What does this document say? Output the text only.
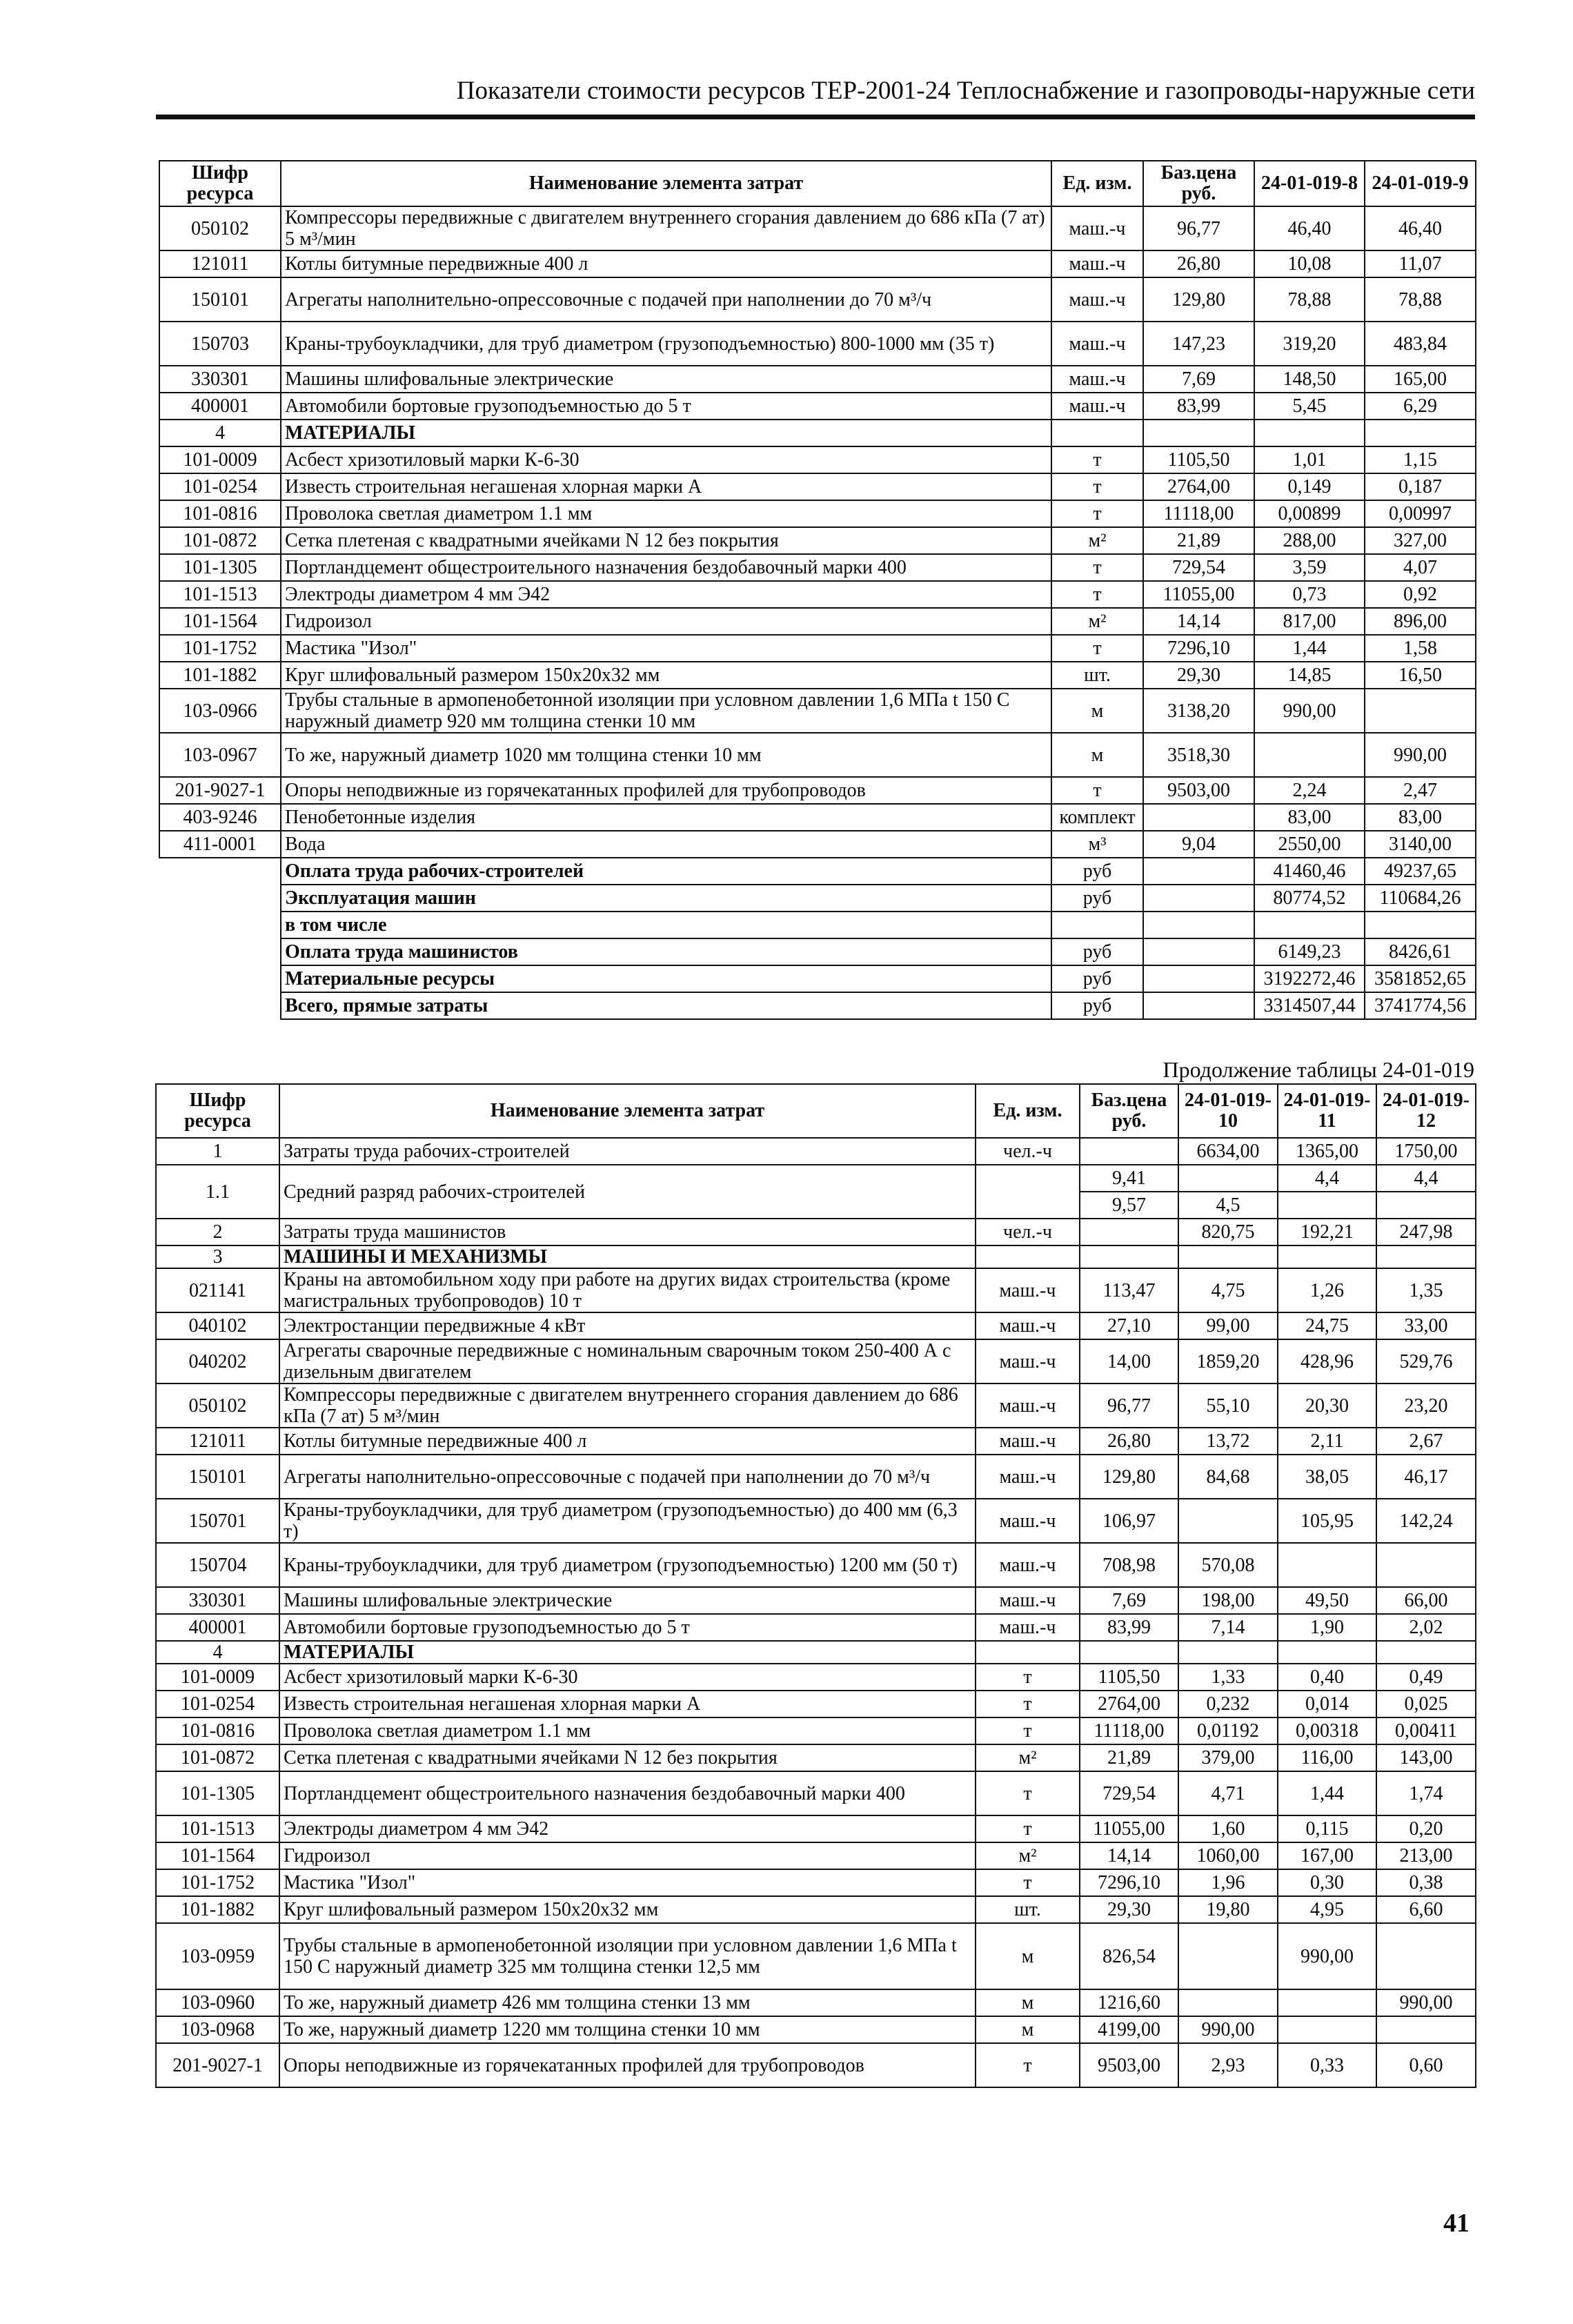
Показатели стоимости ресурсов ТЕР-2001-24 Теплоснабжение и газопроводы-наружные сети
Шифр ресурса	Наименование элемента затрат	Ед. изм.	Баз.цена руб.	24-01-019-8	24-01-019-9
050102	Компрессоры передвижные с двигателем внутреннего сгорания давлением до 686 кПа (7 ат) 5 м³/мин	маш.-ч	96,77	46,40	46,40
121011	Котлы битумные передвижные 400 л	маш.-ч	26,80	10,08	11,07
150101	Агрегаты наполнительно-опрессовочные с подачей при наполнении до 70 м³/ч	маш.-ч	129,80	78,88	78,88
150703	Краны-трубоукладчики, для труб диаметром (грузоподъемностью) 800-1000 мм (35 т)	маш.-ч	147,23	319,20	483,84
330301	Машины шлифовальные электрические	маш.-ч	7,69	148,50	165,00
400001	Автомобили бортовые грузоподъемностью до 5 т	маш.-ч	83,99	5,45	6,29
4	МАТЕРИАЛЫ				
101-0009	Асбест хризотиловый марки К-6-30	т	1105,50	1,01	1,15
101-0254	Известь строительная негашеная хлорная марки А	т	2764,00	0,149	0,187
101-0816	Проволока светлая диаметром 1.1 мм	т	11118,00	0,00899	0,00997
101-0872	Сетка плетеная с квадратными ячейками N 12 без покрытия	м²	21,89	288,00	327,00
101-1305	Портландцемент общестроительного назначения бездобавочный марки 400	т	729,54	3,59	4,07
101-1513	Электроды диаметром 4 мм Э42	т	11055,00	0,73	0,92
101-1564	Гидроизол	м²	14,14	817,00	896,00
101-1752	Мастика "Изол"	т	7296,10	1,44	1,58
101-1882	Круг шлифовальный размером 150х20х32 мм	шт.	29,30	14,85	16,50
103-0966	Трубы стальные в армопенобетонной изоляции при условном давлении 1,6 МПа t 150 С наружный диаметр 920 мм толщина стенки 10 мм	м	3138,20	990,00	
103-0967	То же, наружный диаметр 1020 мм толщина стенки 10 мм	м	3518,30		990,00
201-9027-1	Опоры неподвижные из горячекатанных профилей для трубопроводов	т	9503,00	2,24	2,47
403-9246	Пенобетонные изделия	комплект		83,00	83,00
411-0001	Вода	м³	9,04	2550,00	3140,00
	Оплата труда рабочих-строителей	руб		41460,46	49237,65
	Эксплуатация машин	руб		80774,52	110684,26
	в том числе				
	Оплата труда машинистов	руб		6149,23	8426,61
	Материальные ресурсы	руб		3192272,46	3581852,65
	Всего, прямые затраты	руб		3314507,44	3741774,56
Продолжение таблицы 24-01-019
Шифр ресурса	Наименование элемента затрат	Ед. изм.	Баз.цена руб.	24-01-019-10	24-01-019-11	24-01-019-12
1	Затраты труда рабочих-строителей	чел.-ч		6634,00	1365,00	1750,00
1.1	Средний разряд рабочих-строителей		9,41		4,4	4,4
			9,57	4,5		
2	Затраты труда машинистов	чел.-ч		820,75	192,21	247,98
3	МАШИНЫ И МЕХАНИЗМЫ					
021141	Краны на автомобильном ходу при работе на других видах строительства (кроме магистральных трубопроводов) 10 т	маш.-ч	113,47	4,75	1,26	1,35
040102	Электростанции передвижные 4 кВт	маш.-ч	27,10	99,00	24,75	33,00
040202	Агрегаты сварочные передвижные с номинальным сварочным током 250-400 А с дизельным двигателем	маш.-ч	14,00	1859,20	428,96	529,76
050102	Компрессоры передвижные с двигателем внутреннего сгорания давлением до 686 кПа (7 ат) 5 м³/мин	маш.-ч	96,77	55,10	20,30	23,20
121011	Котлы битумные передвижные 400 л	маш.-ч	26,80	13,72	2,11	2,67
150101	Агрегаты наполнительно-опрессовочные с подачей при наполнении до 70 м³/ч	маш.-ч	129,80	84,68	38,05	46,17
150701	Краны-трубоукладчики, для труб диаметром (грузоподъемностью) до 400 мм (6,3 т)	маш.-ч	106,97		105,95	142,24
150704	Краны-трубоукладчики, для труб диаметром (грузоподъемностью) 1200 мм (50 т)	маш.-ч	708,98	570,08		
330301	Машины шлифовальные электрические	маш.-ч	7,69	198,00	49,50	66,00
400001	Автомобили бортовые грузоподъемностью до 5 т	маш.-ч	83,99	7,14	1,90	2,02
4	МАТЕРИАЛЫ					
101-0009	Асбест хризотиловый марки К-6-30	т	1105,50	1,33	0,40	0,49
101-0254	Известь строительная негашеная хлорная марки А	т	2764,00	0,232	0,014	0,025
101-0816	Проволока светлая диаметром 1.1 мм	т	11118,00	0,01192	0,00318	0,00411
101-0872	Сетка плетеная с квадратными ячейками N 12 без покрытия	м²	21,89	379,00	116,00	143,00
101-1305	Портландцемент общестроительного назначения бездобавочный марки 400	т	729,54	4,71	1,44	1,74
101-1513	Электроды диаметром 4 мм Э42	т	11055,00	1,60	0,115	0,20
101-1564	Гидроизол	м²	14,14	1060,00	167,00	213,00
101-1752	Мастика "Изол"	т	7296,10	1,96	0,30	0,38
101-1882	Круг шлифовальный размером 150х20х32 мм	шт.	29,30	19,80	4,95	6,60
103-0959	Трубы стальные в армопенобетонной изоляции при условном давлении 1,6 МПа t 150 С наружный диаметр 325 мм толщина стенки 12,5 мм	м	826,54		990,00	
103-0960	То же, наружный диаметр 426 мм толщина стенки 13 мм	м	1216,60			990,00
103-0968	То же, наружный диаметр 1220 мм толщина стенки 10 мм	м	4199,00	990,00		
201-9027-1	Опоры неподвижные из горячекатанных профилей для трубопроводов	т	9503,00	2,93	0,33	0,60
41
